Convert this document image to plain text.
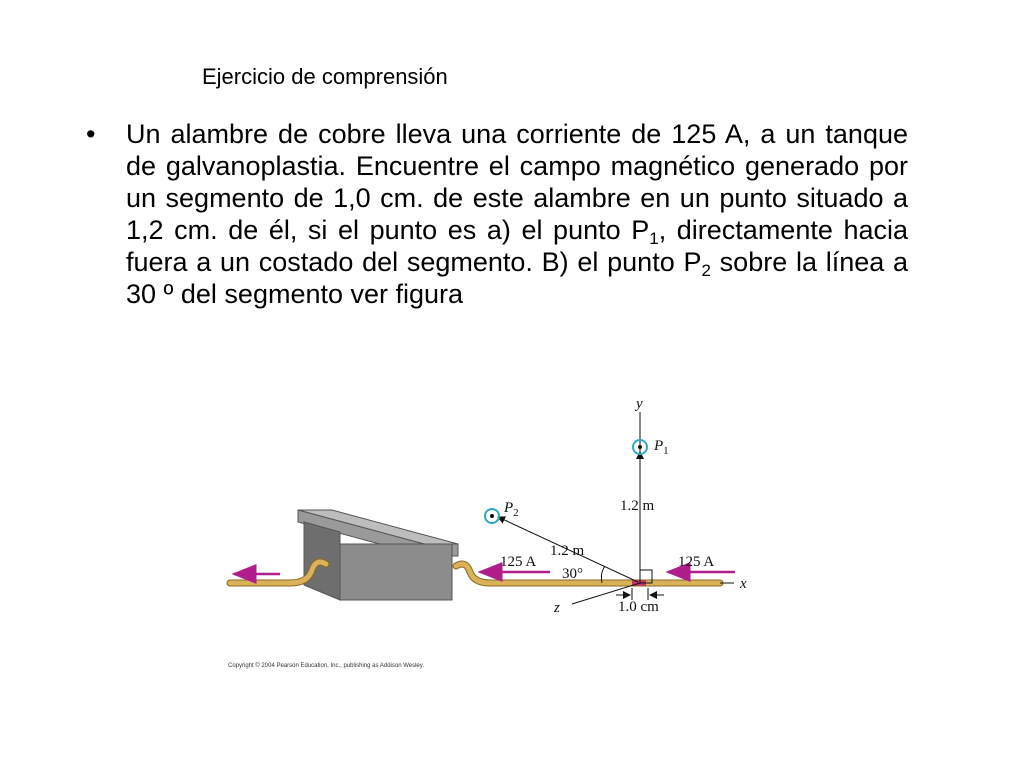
Ejercicio de comprensión
• Un alambre de cobre lleva una corriente de 125 A, a un tanque de galvanoplastia. Encuentre el campo magnético generado por un segmento de 1,0 cm. de este alambre en un punto situado a 1,2 cm. de él, si el punto es a) el punto $P_1$, directamente hacia fuera a un costado del segmento. B) el punto $P_2$ sobre la línea a 30 º del segmento ver figura
125 A	125 A
y
x
z
$P_1$
1.2 m
$P_2$
1.2 m
30°
1.0 cm
Copyright © 2004 Pearson Education, Inc., publishing as Addison Wesley.
